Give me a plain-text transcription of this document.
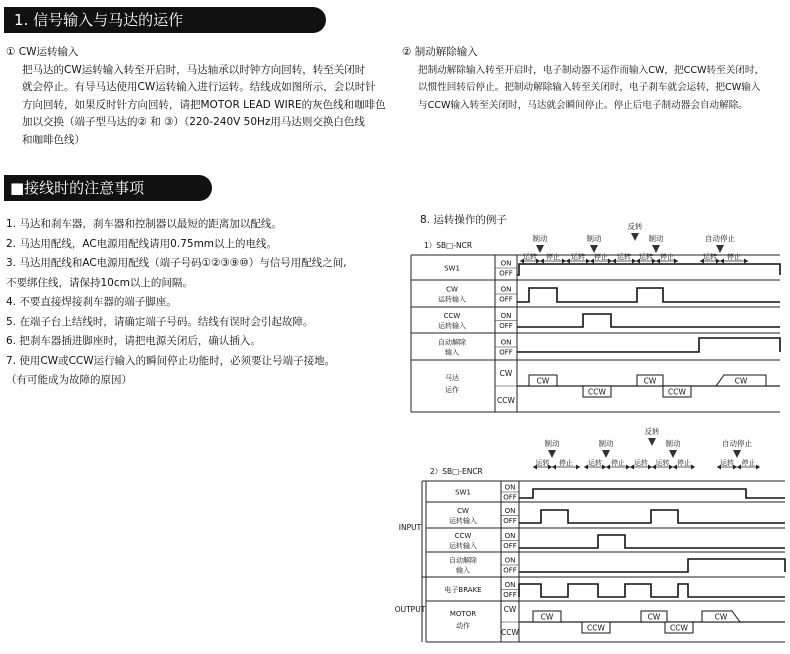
1. 信号输入与马达的运作
① CW运转输入
把马达的CW运转输入转至开启时，马达轴承以时钟方向回转，转至关闭时
就会停止。有导马达使用CW运转输入进行运转。结线成如图所示，会以时针
方向回转，如果反时针方向回转，请把MOTOR LEAD WIRE的灰色线和咖啡色
加以交换（端子型马达的② 和 ③）（220-240V 50Hz用马达则交换白色线
和咖啡色线）
② 制动解除输入
把制动解除输入转至开启时，电子制动器不运作而输入CW，把CCW转至关闭时，
以惯性回转后停止。把制动解除输入转至关闭时，电子刹车就会运转，把CW输入
与CCW输入转至关闭时，马达就会瞬间停止。停止后电子制动器会自动解除。
■接线时的注意事项
1. 马达和刹车器，刹车器和控制器以最短的距离加以配线。
2. 马达用配线，AC电源用配线请用0.75mm以上的电线。
3. 马达用配线和AC电源用配线（端子号码①②③⑨⑩）与信号用配线之间,
不要绑住线，请保持10cm以上的间隔。
4. 不要直接焊接刹车器的端子脚座。
5. 在端子台上结线时，请确定端子号码。结线有误时会引起故障。
6. 把刹车器插进脚座时，请把电源关闭后，确认插入。
7. 使用CW或CCW运行输入的瞬间停止功能时，必须要让号端子接地。
（有可能成为故障的原因）
8. 运转操作的例子
1）SB□-NCR
制动	制动
反转
制动	自动停止
运转 停止 运转 停止 运转 运转 停止	运转 停止
ON
OFF
SW1
ON
OFF
CW
运转输入
ON
OFF
CCW
运转输入
ON
OFF
自动解除
输入
马达
运作
CW
CCW
CW	CW	CW
CCW	CCW
2）SB□-ENCR
制动	制动
反转
制动	自动停止
运转 停止 运转 停止 运转 运转 停止	运转 停止
ON
OFF
SW1
ON
OFF
CW
运转输入
ON
OFF
CCW
运转输入
ON
OFF
自动解除
输入
ON
OFF
电子BRAKE
MOTOR
动作
CW
CCW
INPUT
OUTPUT
CW	CW	CW
CCW	CCW
